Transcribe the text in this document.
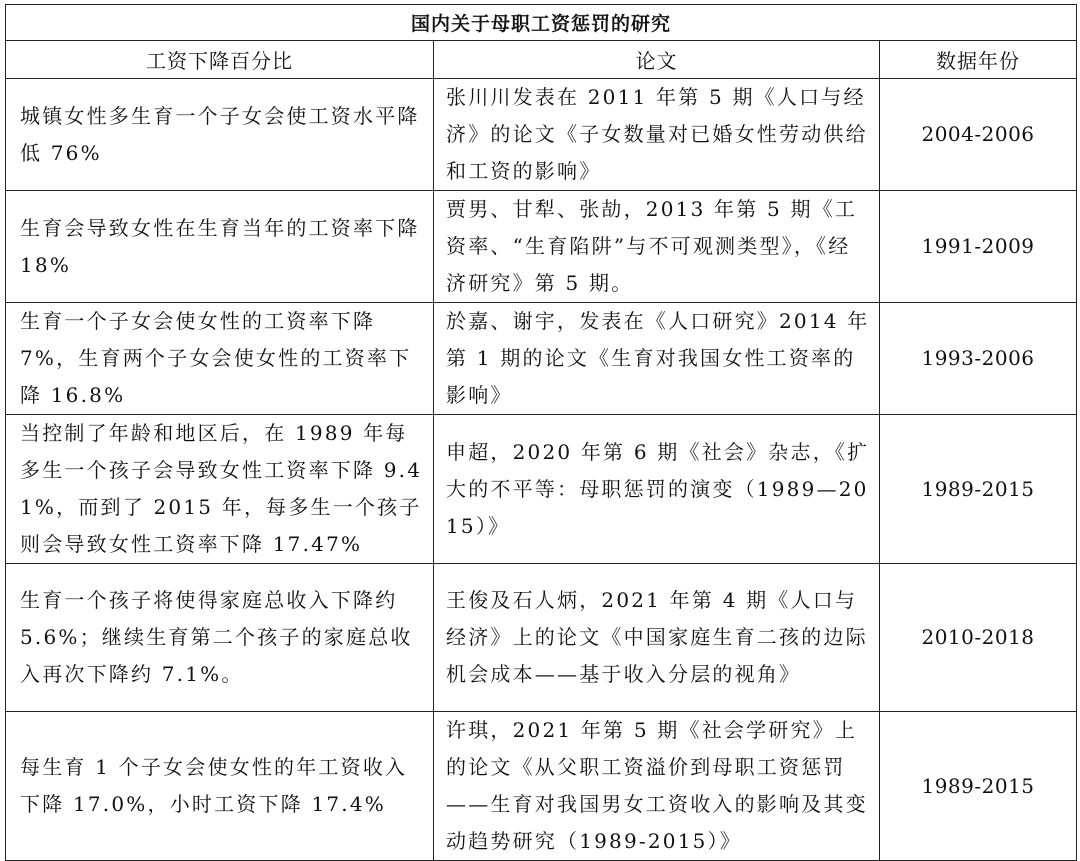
国内关于母职工资惩罚的研究		
工资下降百分比	论文	数据年份
城镇女性多生育一个子女会使工资水平降低 76%	张川川发表在 2011 年第 5 期《人口与经济》的论文《子女数量对已婚女性劳动供给和工资的影响》	2004-2006
生育会导致女性在生育当年的工资率下降 18%	贾男、甘犁、张劼，2013 年第 5 期《工资率、“生育陷阱”与不可观测类型》，《经济研究》第 5 期。	1991-2009
生育一个子女会使女性的工资率下降 7%，生育两个子女会使女性的工资率下降 16.8%	於嘉、谢宇，发表在《人口研究》2014 年第 1 期的论文《生育对我国女性工资率的影响》	1993-2006
当控制了年龄和地区后，在 1989 年每多生一个孩子会导致女性工资率下降 9.41%，而到了 2015 年，每多生一个孩子则会导致女性工资率下降 17.47%	申超，2020 年第 6 期《社会》杂志，《扩大的不平等：母职惩罚的演变（1989—2015）》	1989-2015
生育一个孩子将使得家庭总收入下降约 5.6%；继续生育第二个孩子的家庭总收入再次下降约 7.1%。	王俊及石人炳，2021 年第 4 期《人口与经济》上的论文《中国家庭生育二孩的边际机会成本——基于收入分层的视角》	2010-2018
每生育 1 个子女会使女性的年工资收入下降 17.0%，小时工资下降 17.4%	许琪，2021 年第 5 期《社会学研究》上的论文《从父职工资溢价到母职工资惩罚——生育对我国男女工资收入的影响及其变动趋势研究（1989-2015）》	1989-2015
